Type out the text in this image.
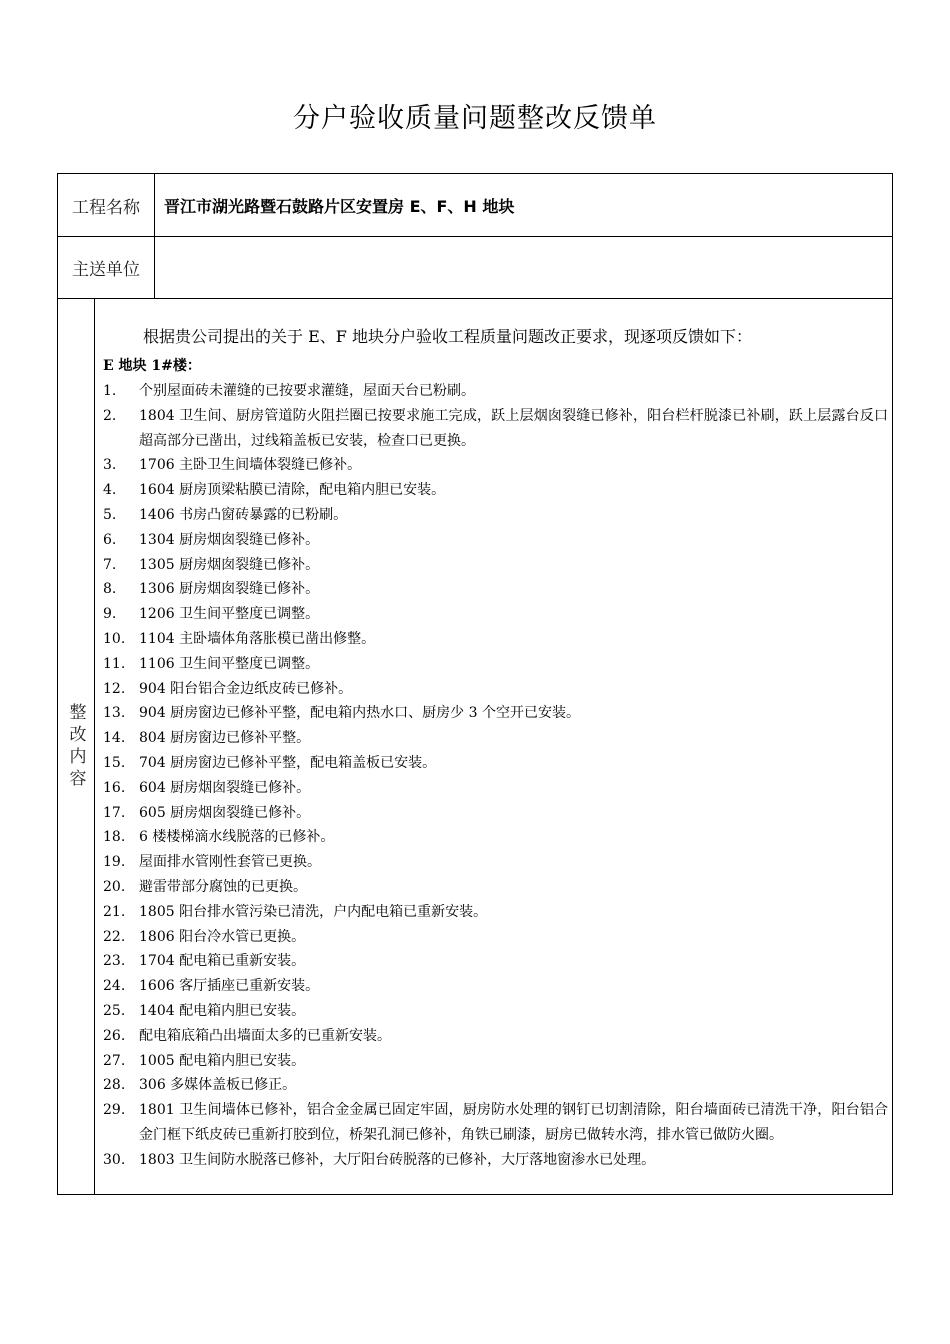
分户验收质量问题整改反馈单
工程名称	晋江市湖光路暨石鼓路片区安置房 E、F、H 地块
主送单位
整改内容
根据贵公司提出的关于 E、F 地块分户验收工程质量问题改正要求，现逐项反馈如下：
E 地块 1#楼：
1.	个别屋面砖未灌缝的已按要求灌缝，屋面天台已粉刷。
2.	1804 卫生间、厨房管道防火阻拦圈已按要求施工完成，跃上层烟囱裂缝已修补，阳台栏杆脱漆已补刷，跃上层露台反口超高部分已凿出，过线箱盖板已安装，检查口已更换。
3.	1706 主卧卫生间墙体裂缝已修补。
4.	1604 厨房顶梁粘膜已清除，配电箱内胆已安装。
5.	1406 书房凸窗砖暴露的已粉刷。
6.	1304 厨房烟囱裂缝已修补。
7.	1305 厨房烟囱裂缝已修补。
8.	1306 厨房烟囱裂缝已修补。
9.	1206 卫生间平整度已调整。
10. 1104 主卧墙体角落胀模已凿出修整。
11. 1106 卫生间平整度已调整。
12. 904 阳台铝合金边纸皮砖已修补。
13. 904 厨房窗边已修补平整，配电箱内热水口、厨房少 3 个空开已安装。
14. 804 厨房窗边已修补平整。
15. 704 厨房窗边已修补平整，配电箱盖板已安装。
16. 604 厨房烟囱裂缝已修补。
17. 605 厨房烟囱裂缝已修补。
18. 6 楼楼梯滴水线脱落的已修补。
19. 屋面排水管刚性套管已更换。
20. 避雷带部分腐蚀的已更换。
21. 1805 阳台排水管污染已清洗，户内配电箱已重新安装。
22. 1806 阳台冷水管已更换。
23. 1704 配电箱已重新安装。
24. 1606 客厅插座已重新安装。
25. 1404 配电箱内胆已安装。
26. 配电箱底箱凸出墙面太多的已重新安装。
27. 1005 配电箱内胆已安装。
28. 306 多媒体盖板已修正。
29. 1801 卫生间墙体已修补，铝合金金属已固定牢固，厨房防水处理的钢钉已切割清除，阳台墙面砖已清洗干净，阳台铝合金门框下纸皮砖已重新打胶到位，桥架孔洞已修补，角铁已刷漆，厨房已做转水湾，排水管已做防火圈。
30. 1803 卫生间防水脱落已修补，大厅阳台砖脱落的已修补，大厅落地窗渗水已处理。
